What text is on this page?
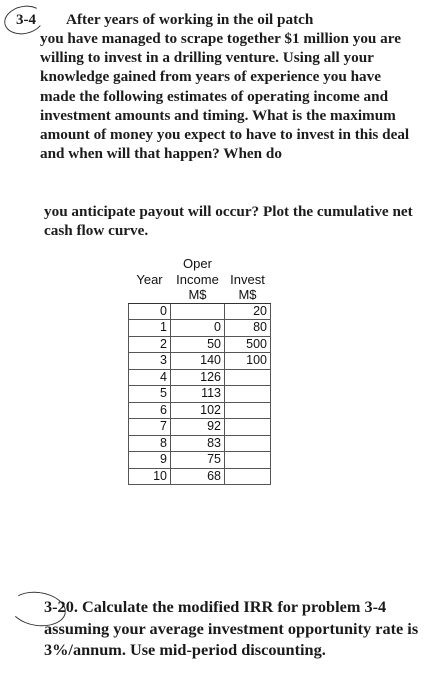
3-4	After years of working in the oil patch
you have managed to scrape together $1 million you are willing to invest in a drilling venture. Using all your knowledge gained from years of experience you have made the following estimates of operating income and investment amounts and timing. What is the maximum amount of money you expect to have to invest in this deal and when will that happen? When do
you anticipate payout will occur? Plot the cumulative net cash flow curve.
	Oper	
Year	Income	Invest
	M$	M$
0		20
1	0	80
2	50	500
3	140	100
4	126	
5	113	
6	102	
7	92	
8	83	
9	75	
10	68	
3-20. Calculate the modified IRR for problem 3-4 assuming your average investment opportunity rate is 3%/annum. Use mid-period discounting.
